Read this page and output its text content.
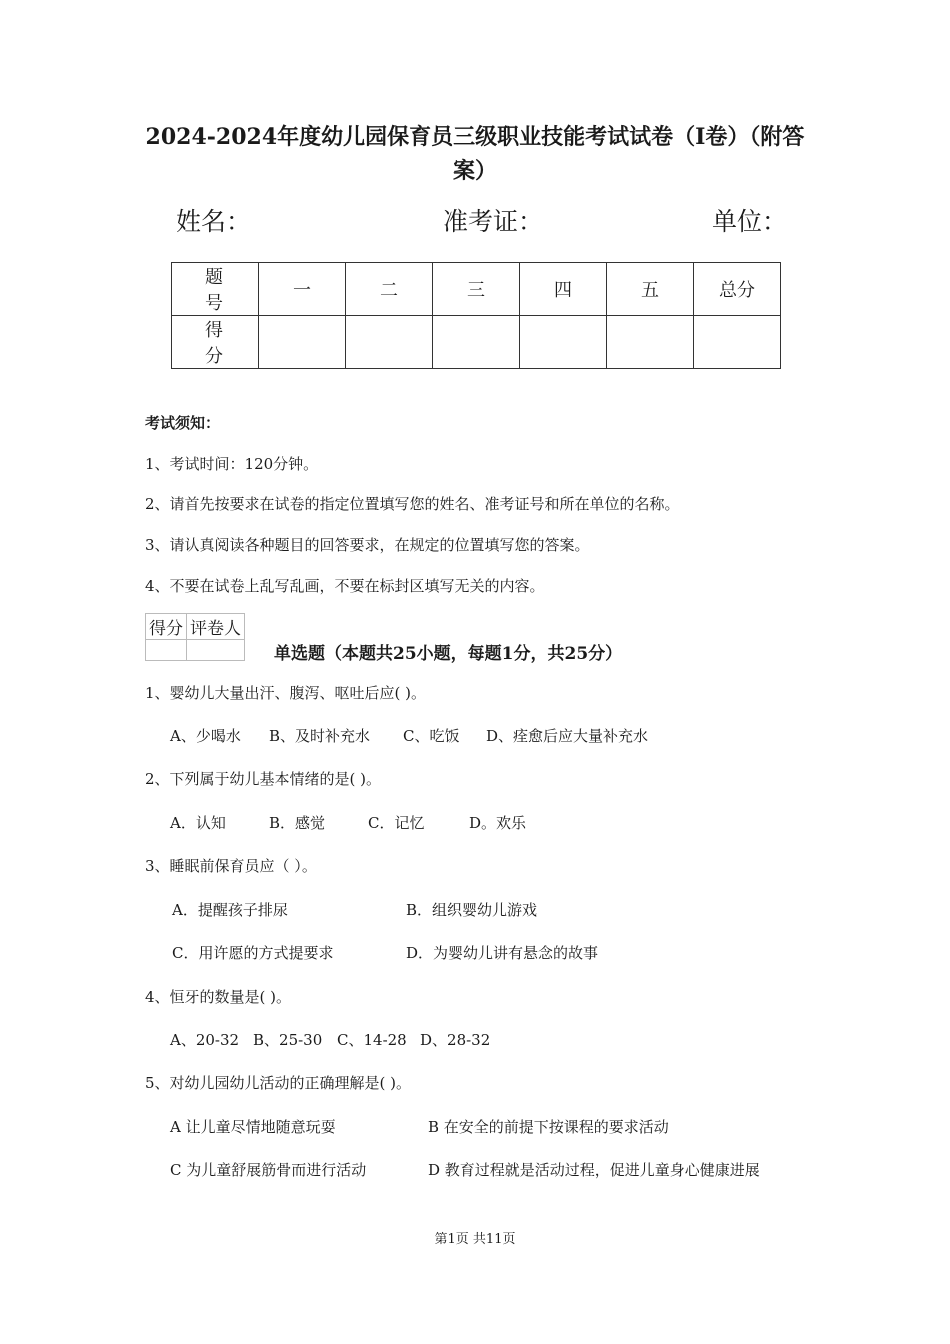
2024-2024年度幼儿园保育员三级职业技能考试试卷（I卷）（附答案）
姓名：	准考证：	单位：
题 号	一	二	三	四	五	总分
得 分						
考试须知：
1、考试时间：120分钟。
2、请首先按要求在试卷的指定位置填写您的姓名、准考证号和所在单位的名称。
3、请认真阅读各种题目的回答要求，在规定的位置填写您的答案。
4、不要在试卷上乱写乱画，不要在标封区填写无关的内容。
得分	评卷人

单选题（本题共25小题，每题1分，共25分）
1、婴幼儿大量出汗、腹泻、呕吐后应( )。
A、少喝水 B、及时补充水 C、吃饭 D、痊愈后应大量补充水
2、下列属于幼儿基本情绪的是( )。
A．认知	B．感觉	C．记忆	D。欢乐
3、睡眠前保育员应（ ）。
A．提醒孩子排尿	B．组织婴幼儿游戏
C．用许愿的方式提要求	D．为婴幼儿讲有悬念的故事
4、恒牙的数量是( )。
A、20-32 B、25-30 C、14-28 D、28-32
5、对幼儿园幼儿活动的正确理解是( )。
A 让儿童尽情地随意玩耍	B 在安全的前提下按课程的要求活动
C 为儿童舒展筋骨而进行活动	D 教育过程就是活动过程，促进儿童身心健康进展
第1页 共11页
